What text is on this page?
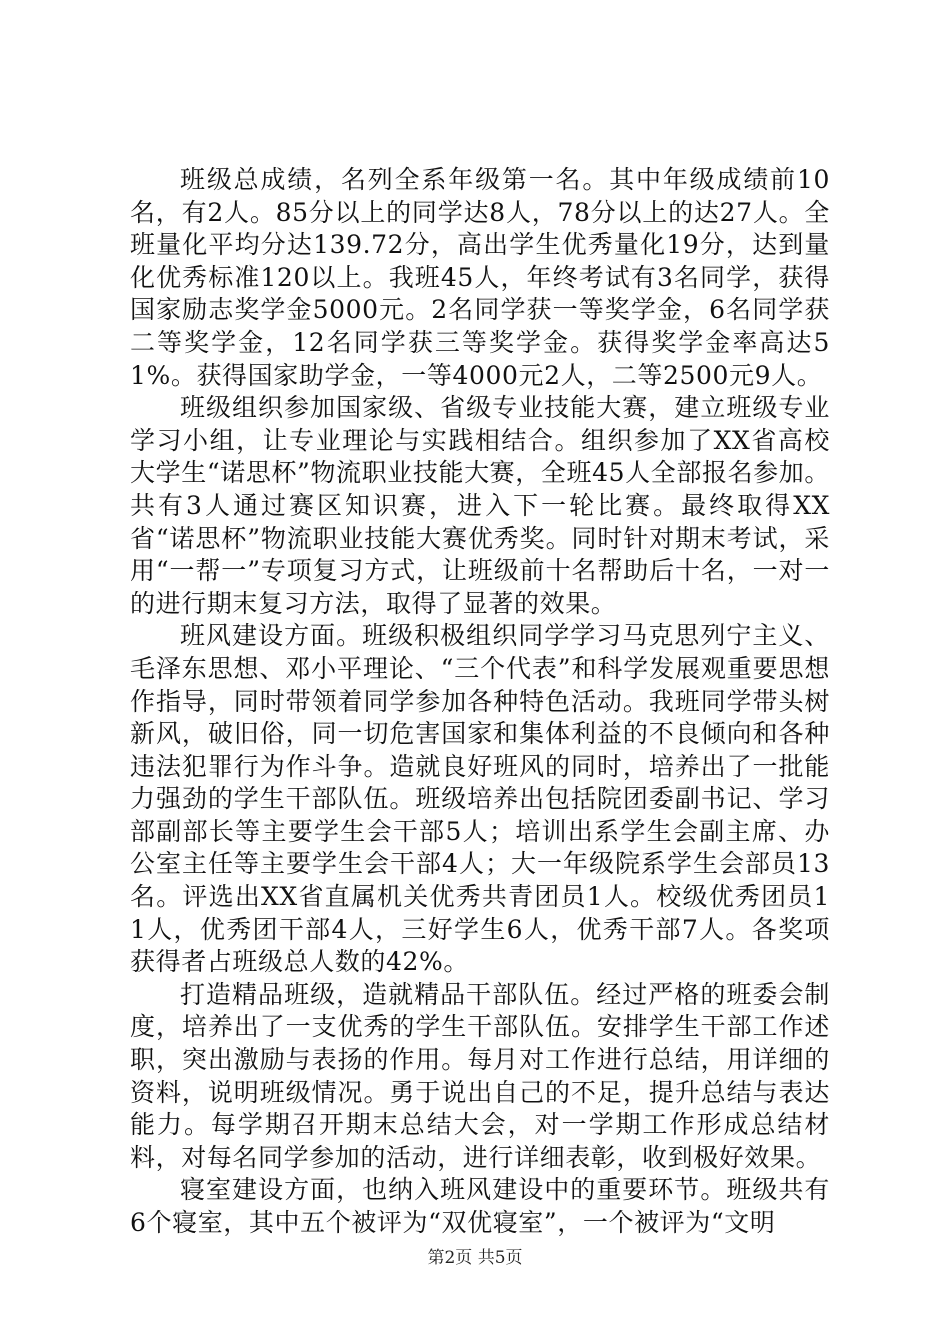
班级总成绩，名列全系年级第一名。其中年级成绩前10名，有2人。85分以上的同学达8人，78分以上的达27人。全班量化平均分达139.72分，高出学生优秀量化19分，达到量化优秀标准120以上。我班45人，年终考试有3名同学，获得国家励志奖学金5000元。2名同学获一等奖学金，6名同学获二等奖学金，12名同学获三等奖学金。获得奖学金率高达51%。获得国家助学金，一等4000元2人，二等2500元9人。

班级组织参加国家级、省级专业技能大赛，建立班级专业学习小组，让专业理论与实践相结合。组织参加了XX省高校大学生“诺思杯”物流职业技能大赛，全班45人全部报名参加。共有3人通过赛区知识赛，进入下一轮比赛。最终取得XX省“诺思杯”物流职业技能大赛优秀奖。同时针对期末考试，采用“一帮一”专项复习方式，让班级前十名帮助后十名，一对一的进行期末复习方法，取得了显著的效果。

班风建设方面。班级积极组织同学学习马克思列宁主义、毛泽东思想、邓小平理论、“三个代表”和科学发展观重要思想作指导，同时带领着同学参加各种特色活动。我班同学带头树新风，破旧俗，同一切危害国家和集体利益的不良倾向和各种违法犯罪行为作斗争。造就良好班风的同时，培养出了一批能力强劲的学生干部队伍。班级培养出包括院团委副书记、学习部副部长等主要学生会干部5人；培训出系学生会副主席、办公室主任等主要学生会干部4人；大一年级院系学生会部员13名。评选出XX省直属机关优秀共青团员1人。校级优秀团员11人，优秀团干部4人，三好学生6人，优秀干部7人。各奖项获得者占班级总人数的42%。

打造精品班级，造就精品干部队伍。经过严格的班委会制度，培养出了一支优秀的学生干部队伍。安排学生干部工作述职，突出激励与表扬的作用。每月对工作进行总结，用详细的资料，说明班级情况。勇于说出自己的不足，提升总结与表达能力。每学期召开期末总结大会，对一学期工作形成总结材料，对每名同学参加的活动，进行详细表彰，收到极好效果。

寝室建设方面，也纳入班风建设中的重要环节。班级共有6个寝室，其中五个被评为“双优寝室”，一个被评为“文明

第2页 共5页
